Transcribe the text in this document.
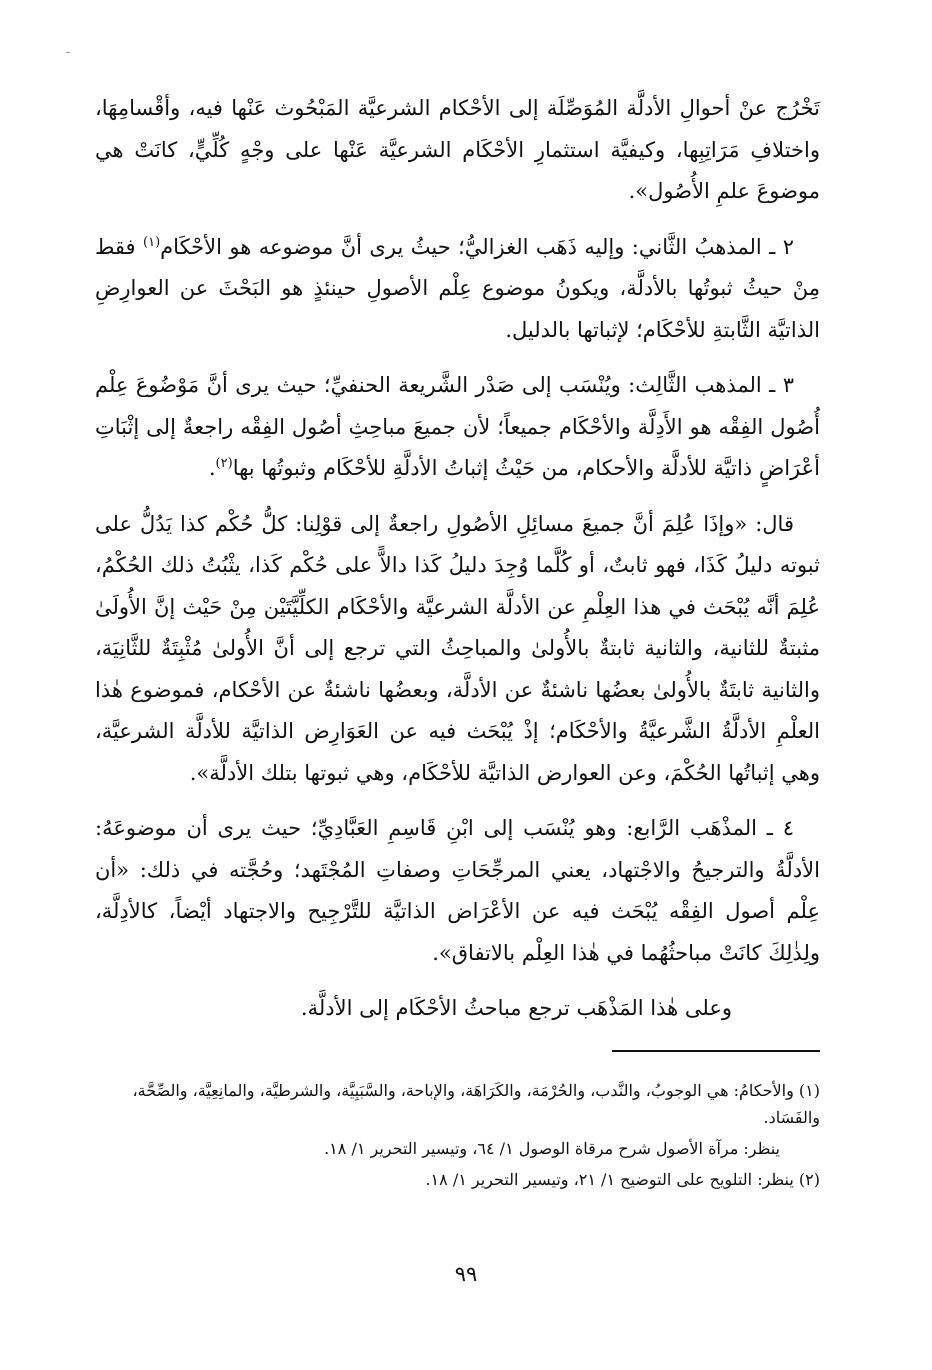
تَخْرُج عنْ أحوالِ الأدلَّة المُوَصِّلَة إلى الأحْكام الشرعيَّة المَبْحُوث عَنْها فيه، وأقْسامِهَا، واختلافِ مَرَاتِبِها، وكيفيَّة استثمارِ الأحْكَام الشرعيَّة عَنْها على وجْهٍ كُلِّيٍّ، كانَتْ هي موضوعَ علمِ الأُصُول».

٢ ـ المذهبُ الثَّاني: وإليه ذَهَب الغزاليُّ؛ حيثُ يرى أنَّ موضوعه هو الأحْكَام$^{(١)}$ فقط مِنْ حيثُ ثبوتُها بالأدلَّة، ويكونُ موضوع عِلْم الأصولِ حينئذٍ هو البَحْثَ عن العوارِضِ الذاتيَّة الثَّابتةِ للأحْكَام؛ لإثباتها بالدليل.

٣ ـ المذهب الثَّالِث: ويُنْسَب إلى صَدْر الشَّريعة الحنفيِّ؛ حيث يرى أنَّ مَوْضُوعَ عِلْم أُصُول الفِقْه هو الأَدِلَّة والأحْكَام جميعاً؛ لأن جميعَ مباحِثِ أصُول الفِقْه راجعةٌ إلى إثْبَاتِ أعْرَاضٍ ذاتيَّة للأدلَّة والأحكام، من حَيْثُ إثباتُ الأدلَّةِ للأحْكَام وثبوتُها بها$^{(٢)}$.

قال: «وإذَا عُلِمَ أنَّ جميعَ مسائِلِ الأصُولِ راجعةٌ إلى قوْلِنا: كلُّ حُكْم كذا يَدُلُّ على ثبوته دليلُ كَذَا، فهو ثابتٌ، أو كُلَّما وُجِدَ دليلُ كَذا دالاًّ على حُكْم كَذا، يثْبُتُ ذلك الحُكْمُ، عُلِمَ أنَّه يُبْحَث في هذا العِلْمِ عن الأدلَّة الشرعيَّة والأحْكَام الكلِّيَّتَيْن مِنْ حَيْث إنَّ الأُولَىٰ مثبتةٌ للثانية، والثانية ثابتةٌ بالأُولىٰ والمباحِثُ التي ترجع إلى أنَّ الأُولىٰ مُثْبِتَةٌ للثَّانِيَة، والثانية ثابتَةٌ بالأُولىٰ بعضُها ناشئةٌ عن الأدلَّة، وبعضُها ناشئةٌ عن الأحْكام، فموضوع هٰذا العلْمِ الأدلَّةُ الشَّرعيَّةُ والأحْكَام؛ إذْ يُبْحَث فيه عن العَوَارِض الذاتيَّة للأدلَّة الشرعيَّة، وهي إثباتُها الحُكْمَ، وعن العوارض الذاتيَّة للأحْكَام، وهي ثبوتها بتلك الأدلَّة».

٤ ـ المذْهَب الرَّابع: وهو يُنْسَب إلى ابْنِ قَاسِمِ العَبَّادِيِّ؛ حيث يرى أن موضوعَهُ: الأدلَّةُ والترجيحُ والاجْتهاد، يعني المرجِّحَاتِ وصفاتِ المُجْتَهد؛ وحُجَّته في ذلك: «أن عِلْم أصول الفِقْه يُبْحَث فيه عن الأعْرَاض الذاتيَّة للتَّرْجِيح والاجتهاد أيْضاً، كالأدِلَّة، ولِذٰلِكَ كانَتْ مباحثُهُما في هٰذا العِلْم بالاتفاق».

وعلى هٰذا المَذْهَب ترجع مباحثُ الأحْكَام إلى الأدلَّة.

(١) والأحكامُ: هي الوجوبُ، والنَّدب، والحُرْمَة، والكَرَاهَة، والإباحة، والسَّبَبِيَّة، والشرطيَّة، والمانِعِيَّة، والصِّحَّة، والفَسَاد.

ينظر: مرآة الأصول شرح مرقاة الوصول ١/ ٦٤، وتيسير التحرير ١/ ١٨.

(٢) ينظر: التلويح على التوضيح ١/ ٢١، وتيسير التحرير ١/ ١٨.

٩٩
